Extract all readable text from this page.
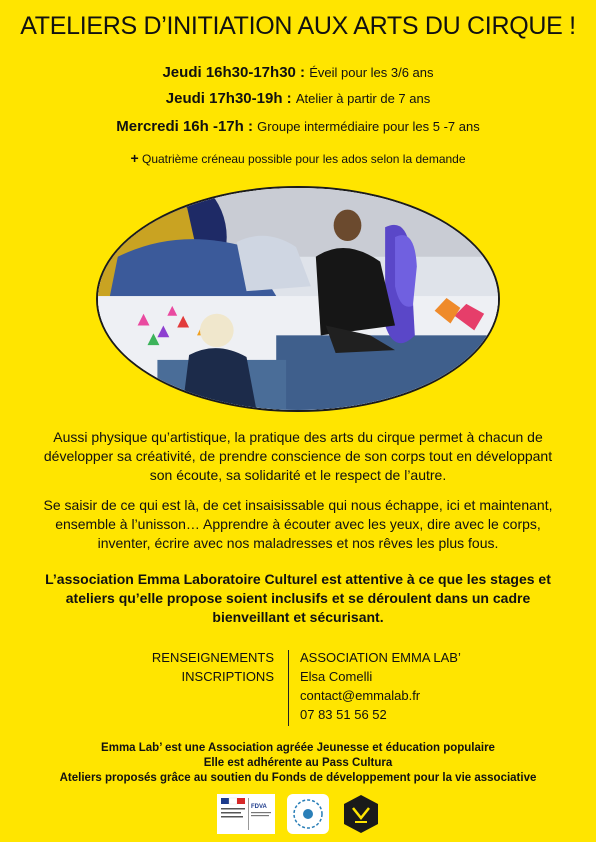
ATELIERS D’INITIATION AUX ARTS DU CIRQUE !
Jeudi 16h30-17h30 : Éveil pour les 3/6 ans
Jeudi 17h30-19h : Atelier à partir de 7 ans
Mercredi 16h -17h : Groupe intermédiaire pour les 5 -7 ans
+ Quatrième créneau possible pour les ados selon la demande
Aussi physique qu’artistique, la pratique des arts du cirque permet à chacun de développer sa créativité, de prendre conscience de son corps tout en développant son écoute, sa solidarité et le respect de l’autre.
Se saisir de ce qui est là, de cet insaisissable qui nous échappe, ici et maintenant, ensemble à l’unisson… Apprendre à écouter avec les yeux, dire avec le corps, inventer, écrire avec nos maladresses et nos rêves les plus fous.
L’association Emma Laboratoire Culturel est attentive à ce que les stages et ateliers qu’elle propose soient inclusifs et se déroulent dans un cadre bienveillant et sécurisant.
RENSEIGNEMENTS
INSCRIPTIONS
ASSOCIATION EMMA LAB’
Elsa Comelli
contact@emmalab.fr
07 83 51 56 52
Emma Lab’ est une Association agréée Jeunesse et éducation populaire
Elle est adhérente au Pass Cultura
Ateliers proposés grâce au soutien du Fonds de développement pour la vie associative
FDVA
